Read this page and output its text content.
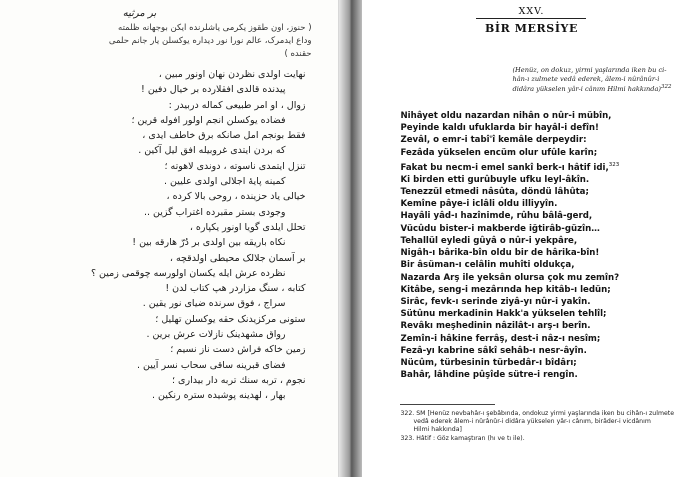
بر مرثیه
( حنوز، اون طقوز یکرمی یاشلرنده ایکن بوجهانه ظلمته
وداع ایدمرک، عالم نورا نور دیداره یوکسلن یار جانم حلمی
حقنده )
نهایت اولدی نظردن نهان اونور مبین ،
پیدنده قالدی افقلارده بر خیال دفین !
زوال ، او امر طبیعی کماله دربیدر :
فضاده یوکسلن انجم اولور افوله قرین ؛
فقط بونجم امل صانکه برق خاطف ایدی ،
که بردن ایتدی غروبیله افق لیل آکین .
تنزل ایتمدی ناسوته ، دوندی لاهوته ؛
کمینه پایۀ اجلالی اولدی علیین .
خیالی یاد حزینده ، روحی بالا کرده ،
وجودی بستر مقبرده اغتراب گزین ..
تحلل ایلدی گویا اونور یکپاره ،
نکاه باریقه بین اولدی بر دُرّ هارقه بین !
بر آسمان جلالک محیطی اولدقچه ،
نظرده عرش ایله یکسان اولورسه چوقمی زمین ؟
کتابه ، سنگ مزاردر هپ کتاب لدن !
سراج ، فوق سرنده ضیای نور یقین .
ستونی مرکزیدنک حقه یوکسلن تهلیل ؛
رواق مشهدینک نازلات عرش برین .
زمین خاکه فراش دست ناز نسیم ؛
فضای قبرینه ساقی سحاب نسر آیین .
نجوم ، تربه سنك تربه دار بیداری ؛
بهار ، لهدینه پوشیده ستره رنکین .
XXV.
BİR MERSİYE
(Henüz, on dokuz, yirmi yaşlarında iken bu ci-
hân-ı zulmete vedâ ederek, âlem-i nûrânûr-i
didâra yükselen yâr-i cânım Hilmi hakkında)$^{322}$
Nihâyet oldu nazardan nihân o nûr-i mübîn,
Peyinde kaldı ufuklarda bir hayâl-i defîn!
Zevâl, o emr-i tabî'î kemâle derpeydir:
Fezâda yükselen encüm olur ufûle karîn;
Fakat bu necm-i emel sankî berk-ı hâtif idi,$^{323}$
Ki birden etti gurûbuyle ufku leyl-âkîn.
Tenezzül etmedi nâsûta, döndü lâhûta;
Kemîne pâye-i iclâli oldu illiyyîn.
Hayâli yâd-ı hazînimde, rûhu bâlâ-gerd,
Vücûdu bister-i makberde iğtirâb-güzîn…
Tehallül eyledi gûyâ o nûr-i yekpâre,
Nigâh-ı bârika-bîn oldu bir de hârika-bîn!
Bir âsüman-ı celâlin muhîti oldukça,
Nazarda Arş ile yeksân olursa çok mu zemîn?
Kitâbe, seng-i mezârında hep kitâb-ı ledün;
Sirâc, fevk-ı serinde ziyâ-yı nûr-i yakîn.
Sütûnu merkadinin Hakk'a yükselen tehlîl;
Revâkı meşhedinin nâzilât-ı arş-ı berîn.
Zemîn-i hâkine ferrâş, dest-i nâz-ı nesîm;
Fezâ-yı kabrine sâkî sehâb-ı nesr-âyîn.
Nücûm, türbesinin türbedâr-ı bîdârı;
Bahâr, lâhdine pûşîde sütre-i rengîn.
322. SM [Henüz nevbahâr-ı şebâbında, ondokuz yirmi yaşlarında iken bu cihân-ı zulmete
vedâ ederek âlem-i nûrânûr-i didâra yükselen yâr-ı cânım, birâder-i vicdânım
Hilmi hakkında]
323. Hâtif : Göz kamaştıran (hı ve tı ile).
